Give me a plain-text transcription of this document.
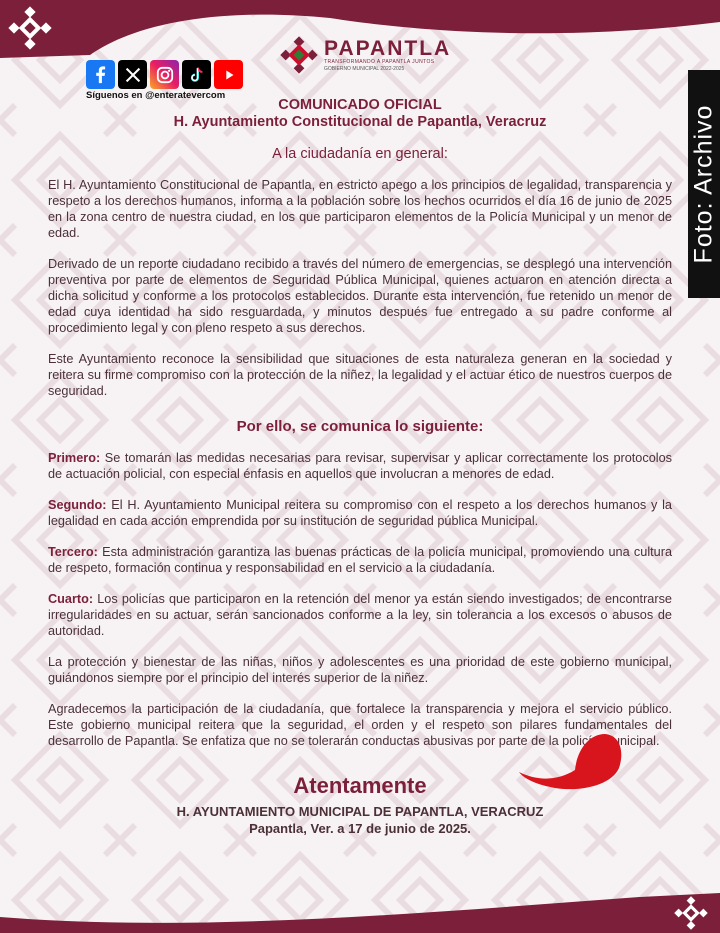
PAPANTLA
TRANSFORMANDO A PAPANTLA JUNTOS
GOBIERNO MUNICIPAL 2022-2025
Síguenos en @enteratevercom
Foto: Archivo
COMUNICADO OFICIAL
H. Ayuntamiento Constitucional de Papantla, Veracruz
A la ciudadanía en general:

El H. Ayuntamiento Constitucional de Papantla, en estricto apego a los principios de legalidad, transparencia y respeto a los derechos humanos, informa a la población sobre los hechos ocurridos el día 16 de junio de 2025 en la zona centro de nuestra ciudad, en los que participaron elementos de la Policía Municipal y un menor de edad.

Derivado de un reporte ciudadano recibido a través del número de emergencias, se desplegó una intervención preventiva por parte de elementos de Seguridad Pública Municipal, quienes actuaron en atención directa a dicha solicitud y conforme a los protocolos establecidos. Durante esta intervención, fue retenido un menor de edad cuya identidad ha sido resguardada, y minutos después fue entregado a su padre conforme al procedimiento legal y con pleno respeto a sus derechos.

Este Ayuntamiento reconoce la sensibilidad que situaciones de esta naturaleza generan en la sociedad y reitera su firme compromiso con la protección de la niñez, la legalidad y el actuar ético de nuestros cuerpos de seguridad.

Por ello, se comunica lo siguiente:

Primero: Se tomarán las medidas necesarias para revisar, supervisar y aplicar correctamente los protocolos de actuación policial, con especial énfasis en aquellos que involucran a menores de edad.

Segundo: El H. Ayuntamiento Municipal reitera su compromiso con el respeto a los derechos humanos y la legalidad en cada acción emprendida por su institución de seguridad pública Municipal.

Tercero: Esta administración garantiza las buenas prácticas de la policía municipal, promoviendo una cultura de respeto, formación continua y responsabilidad en el servicio a la ciudadanía.

Cuarto: Los policías que participaron en la retención del menor ya están siendo investigados; de encontrarse irregularidades en su actuar, serán sancionados conforme a la ley, sin tolerancia a los excesos o abusos de autoridad.

La protección y bienestar de las niñas, niños y adolescentes es una prioridad de este gobierno municipal, guiándonos siempre por el principio del interés superior de la niñez.

Agradecemos la participación de la ciudadanía, que fortalece la transparencia y mejora el servicio público. Este gobierno municipal reitera que la seguridad, el orden y el respeto son pilares fundamentales del desarrollo de Papantla. Se enfatiza que no se tolerarán conductas abusivas por parte de la policía municipal.

Atentamente
H. AYUNTAMIENTO MUNICIPAL DE PAPANTLA, VERACRUZ
Papantla, Ver. a 17 de junio de 2025.
